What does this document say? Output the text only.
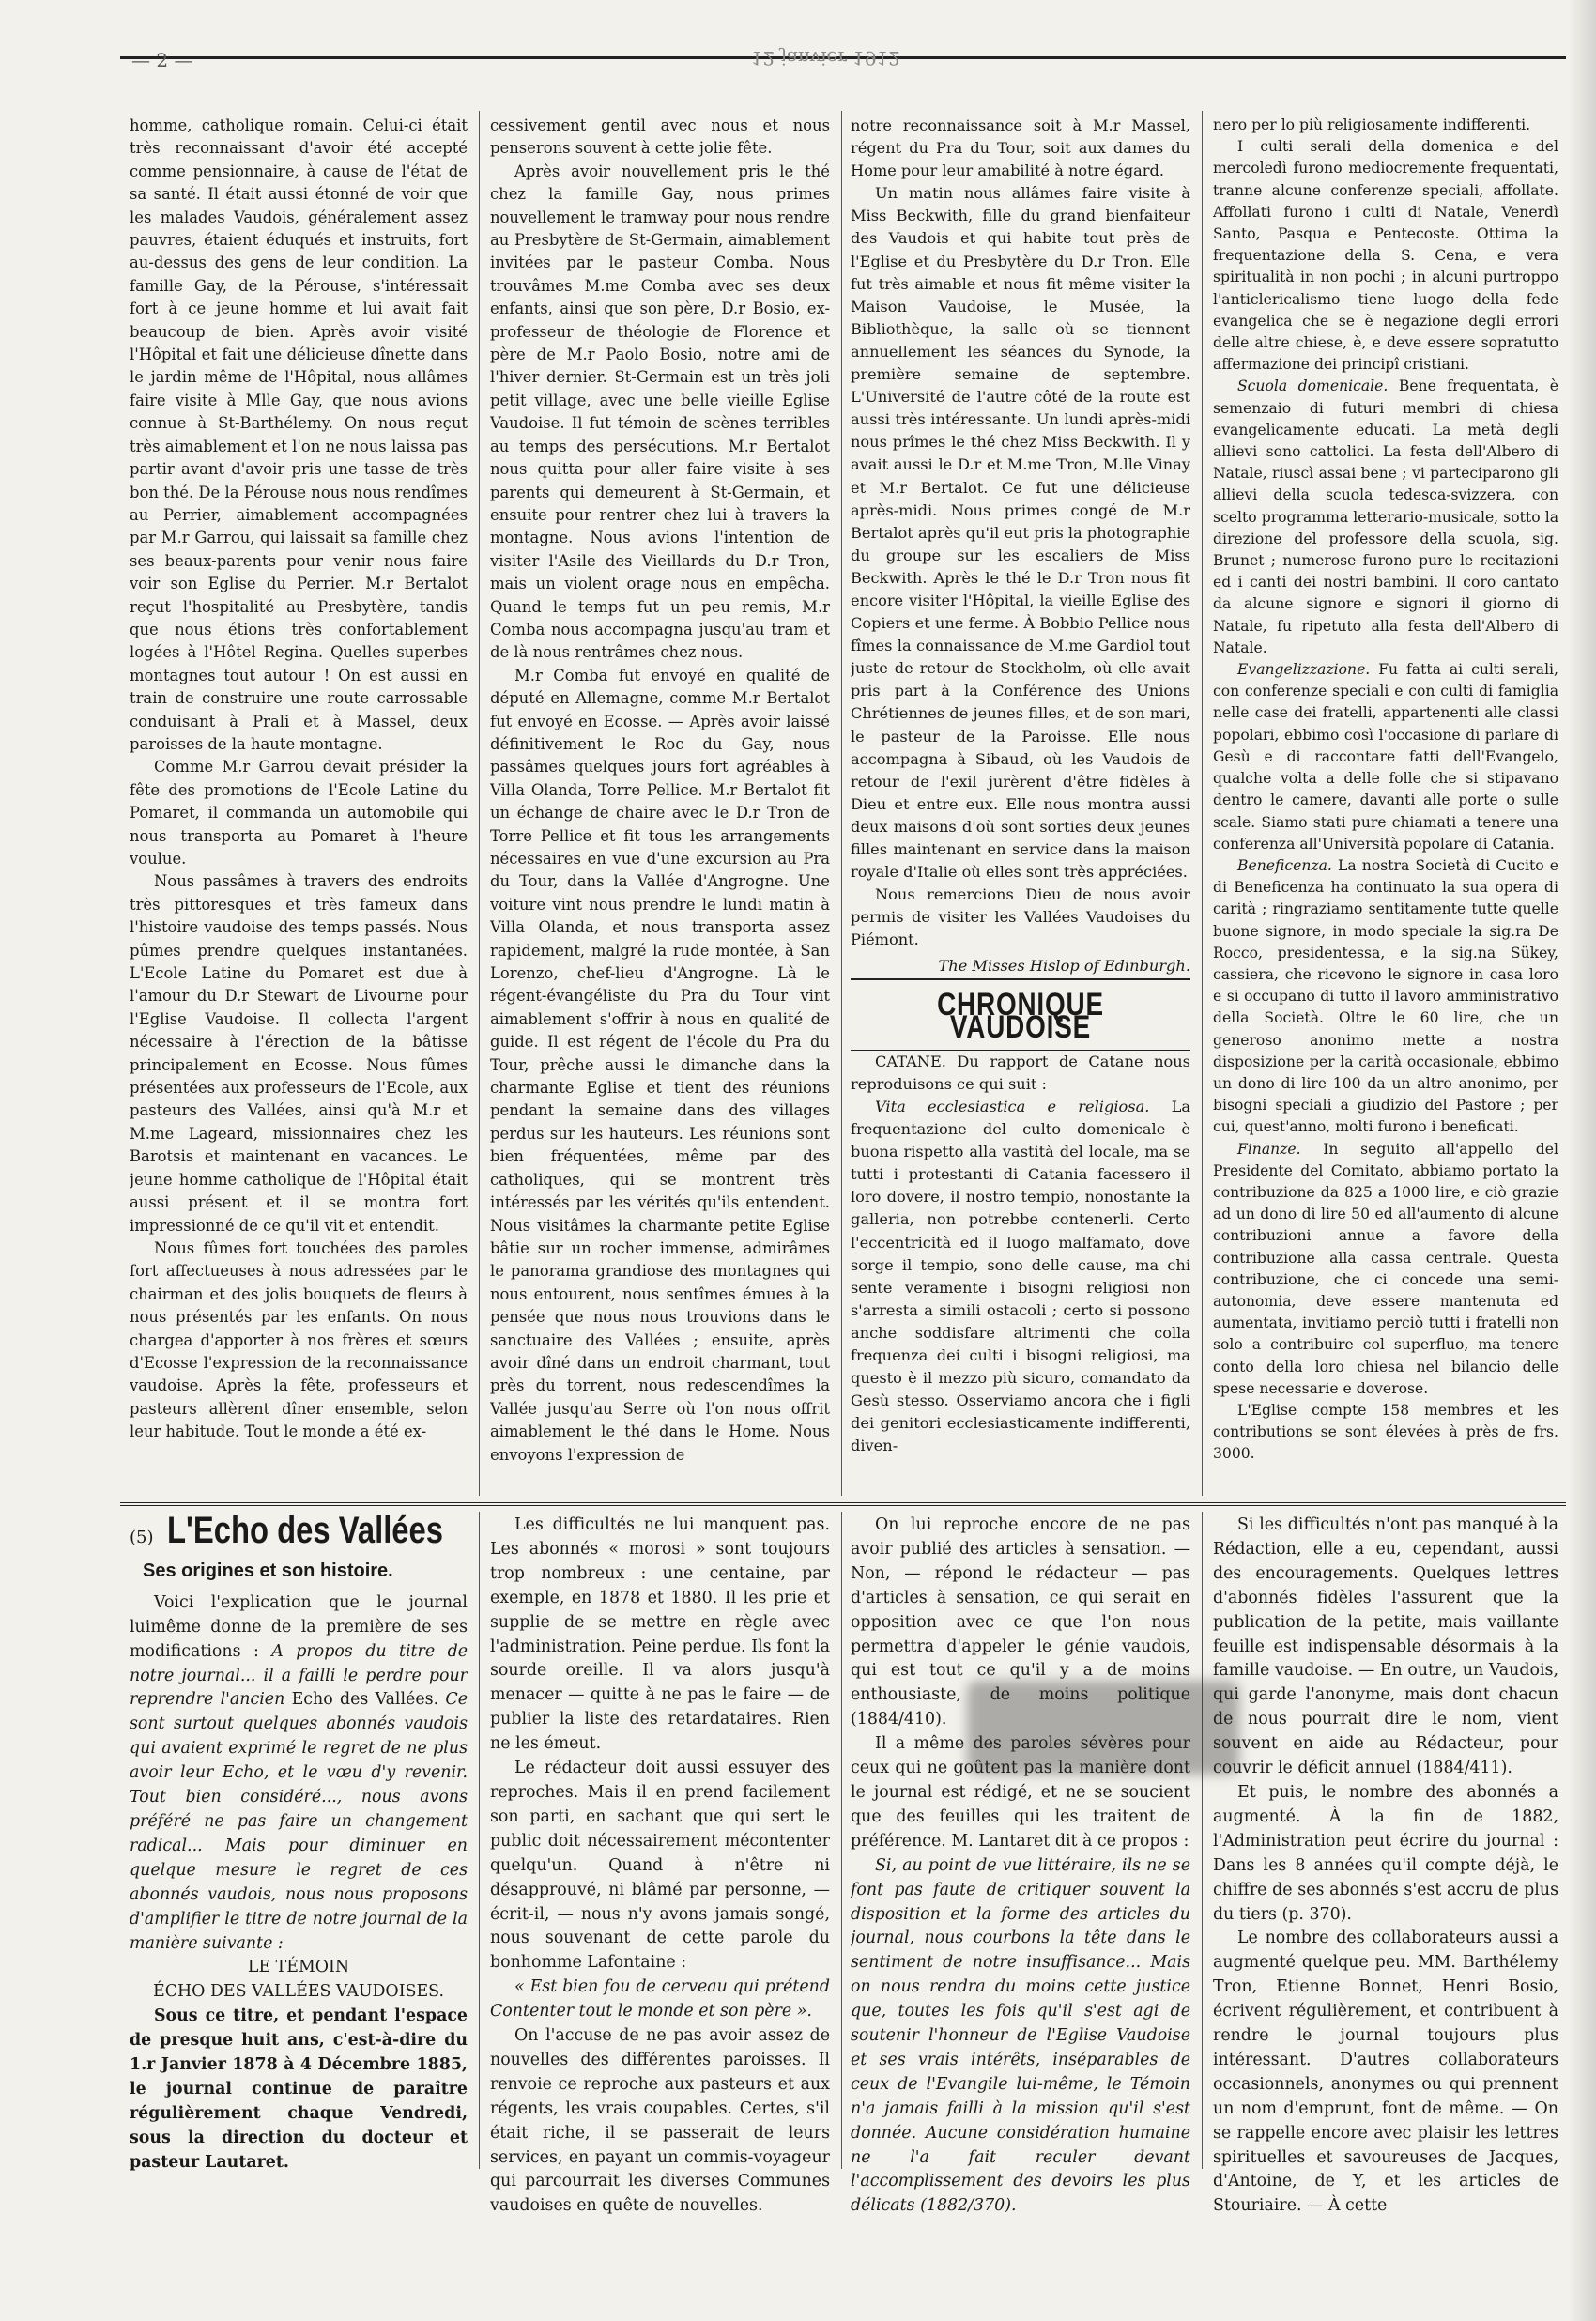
— 2 —	12 janvier 1912

homme, catholique romain. Celui-ci était très reconnaissant d'avoir été accepté comme pensionnaire, à cause de l'état de sa santé. Il était aussi étonné de voir que les malades Vaudois, généralement assez pauvres, étaient éduqués et instruits, fort au-dessus des gens de leur condition. La famille Gay, de la Pérouse, s'intéressait fort à ce jeune homme et lui avait fait beaucoup de bien. Après avoir visité l'Hôpital et fait une délicieuse dînette dans le jardin même de l'Hôpital, nous allâmes faire visite à Mlle Gay, que nous avions connue à St-Barthélemy. On nous reçut très aimablement et l'on ne nous laissa pas partir avant d'avoir pris une tasse de très bon thé. De la Pérouse nous nous rendîmes au Perrier, aimablement accompagnées par M.r Garrou, qui laissait sa famille chez ses beaux-parents pour venir nous faire voir son Eglise du Perrier. M.r Bertalot reçut l'hospitalité au Presbytère, tandis que nous étions très confortablement logées à l'Hôtel Regina. Quelles superbes montagnes tout autour ! On est aussi en train de construire une route carrossable conduisant à Prali et à Massel, deux paroisses de la haute montagne.

Comme M.r Garrou devait présider la fête des promotions de l'Ecole Latine du Pomaret, il commanda un automobile qui nous transporta au Pomaret à l'heure voulue.

Nous passâmes à travers des endroits très pittoresques et très fameux dans l'histoire vaudoise des temps passés. Nous pûmes prendre quelques instantanées. L'Ecole Latine du Pomaret est due à l'amour du D.r Stewart de Livourne pour l'Eglise Vaudoise. Il collecta l'argent nécessaire à l'érection de la bâtisse principalement en Ecosse. Nous fûmes présentées aux professeurs de l'Ecole, aux pasteurs des Vallées, ainsi qu'à M.r et M.me Lageard, missionnaires chez les Barotsis et maintenant en vacances. Le jeune homme catholique de l'Hôpital était aussi présent et il se montra fort impressionné de ce qu'il vit et entendit.

Nous fûmes fort touchées des paroles fort affectueuses à nous adressées par le chairman et des jolis bouquets de fleurs à nous présentés par les enfants. On nous chargea d'apporter à nos frères et sœurs d'Ecosse l'expression de la reconnaissance vaudoise. Après la fête, professeurs et pasteurs allèrent dîner ensemble, selon leur habitude. Tout le monde a été ex-

cessivement gentil avec nous et nous penserons souvent à cette jolie fête.

Après avoir nouvellement pris le thé chez la famille Gay, nous primes nouvellement le tramway pour nous rendre au Presbytère de St-Germain, aimablement invitées par le pasteur Comba. Nous trouvâmes M.me Comba avec ses deux enfants, ainsi que son père, D.r Bosio, ex-professeur de théologie de Florence et père de M.r Paolo Bosio, notre ami de l'hiver dernier. St-Germain est un très joli petit village, avec une belle vieille Eglise Vaudoise. Il fut témoin de scènes terribles au temps des persécutions. M.r Bertalot nous quitta pour aller faire visite à ses parents qui demeurent à St-Germain, et ensuite pour rentrer chez lui à travers la montagne. Nous avions l'intention de visiter l'Asile des Vieillards du D.r Tron, mais un violent orage nous en empêcha. Quand le temps fut un peu remis, M.r Comba nous accompagna jusqu'au tram et de là nous rentrâmes chez nous.

M.r Comba fut envoyé en qualité de député en Allemagne, comme M.r Bertalot fut envoyé en Ecosse. — Après avoir laissé définitivement le Roc du Gay, nous passâmes quelques jours fort agréables à Villa Olanda, Torre Pellice. M.r Bertalot fit un échange de chaire avec le D.r Tron de Torre Pellice et fit tous les arrangements nécessaires en vue d'une excursion au Pra du Tour, dans la Vallée d'Angrogne. Une voiture vint nous prendre le lundi matin à Villa Olanda, et nous transporta assez rapidement, malgré la rude montée, à San Lorenzo, chef-lieu d'Angrogne. Là le régent-évangéliste du Pra du Tour vint aimablement s'offrir à nous en qualité de guide. Il est régent de l'école du Pra du Tour, prêche aussi le dimanche dans la charmante Eglise et tient des réunions pendant la semaine dans des villages perdus sur les hauteurs. Les réunions sont bien fréquentées, même par des catholiques, qui se montrent très intéressés par les vérités qu'ils entendent. Nous visitâmes la charmante petite Eglise bâtie sur un rocher immense, admirâmes le panorama grandiose des montagnes qui nous entourent, nous sentîmes émues à la pensée que nous nous trouvions dans le sanctuaire des Vallées ; ensuite, après avoir dîné dans un endroit charmant, tout près du torrent, nous redescendîmes la Vallée jusqu'au Serre où l'on nous offrit aimablement le thé dans le Home. Nous envoyons l'expression de

notre reconnaissance soit à M.r Massel, régent du Pra du Tour, soit aux dames du Home pour leur amabilité à notre égard.

Un matin nous allâmes faire visite à Miss Beckwith, fille du grand bienfaiteur des Vaudois et qui habite tout près de l'Eglise et du Presbytère du D.r Tron. Elle fut très aimable et nous fit même visiter la Maison Vaudoise, le Musée, la Bibliothèque, la salle où se tiennent annuellement les séances du Synode, la première semaine de septembre. L'Université de l'autre côté de la route est aussi très intéressante. Un lundi après-midi nous prîmes le thé chez Miss Beckwith. Il y avait aussi le D.r et M.me Tron, M.lle Vinay et M.r Bertalot. Ce fut une délicieuse après-midi. Nous primes congé de M.r Bertalot après qu'il eut pris la photographie du groupe sur les escaliers de Miss Beckwith. Après le thé le D.r Tron nous fit encore visiter l'Hôpital, la vieille Eglise des Copiers et une ferme. À Bobbio Pellice nous fîmes la connaissance de M.me Gardiol tout juste de retour de Stockholm, où elle avait pris part à la Conférence des Unions Chrétiennes de jeunes filles, et de son mari, le pasteur de la Paroisse. Elle nous accompagna à Sibaud, où les Vaudois de retour de l'exil jurèrent d'être fidèles à Dieu et entre eux. Elle nous montra aussi deux maisons d'où sont sorties deux jeunes filles maintenant en service dans la maison royale d'Italie où elles sont très appréciées.

Nous remercions Dieu de nous avoir permis de visiter les Vallées Vaudoises du Piémont.

The Misses Hislop of Edinburgh.

CHRONIQUE VAUDOISE

CATANE. Du rapport de Catane nous reproduisons ce qui suit :

Vita ecclesiastica e religiosa. La frequentazione del culto domenicale è buona rispetto alla vastità del locale, ma se tutti i protestanti di Catania facessero il loro dovere, il nostro tempio, nonostante la galleria, non potrebbe contenerli. Certo l'eccentricità ed il luogo malfamato, dove sorge il tempio, sono delle cause, ma chi sente veramente i bisogni religiosi non s'arresta a simili ostacoli ; certo si possono anche soddisfare altrimenti che colla frequenza dei culti i bisogni religiosi, ma questo è il mezzo più sicuro, comandato da Gesù stesso. Osserviamo ancora che i figli dei genitori ecclesiasticamente indifferenti, diven-

nero per lo più religiosamente indifferenti.

I culti serali della domenica e del mercoledì furono mediocremente frequentati, tranne alcune conferenze speciali, affollate. Affollati furono i culti di Natale, Venerdì Santo, Pasqua e Pentecoste. Ottima la frequentazione della S. Cena, e vera spiritualità in non pochi ; in alcuni purtroppo l'anticlericalismo tiene luogo della fede evangelica che se è negazione degli errori delle altre chiese, è, e deve essere sopratutto affermazione dei principî cristiani.

Scuola domenicale. Bene frequentata, è semenzaio di futuri membri di chiesa evangelicamente educati. La metà degli allievi sono cattolici. La festa dell'Albero di Natale, riuscì assai bene ; vi parteciparono gli allievi della scuola tedesca-svizzera, con scelto programma letterario-musicale, sotto la direzione del professore della scuola, sig. Brunet ; numerose furono pure le recitazioni ed i canti dei nostri bambini. Il coro cantato da alcune signore e signori il giorno di Natale, fu ripetuto alla festa dell'Albero di Natale.

Evangelizzazione. Fu fatta ai culti serali, con conferenze speciali e con culti di famiglia nelle case dei fratelli, appartenenti alle classi popolari, ebbimo così l'occasione di parlare di Gesù e di raccontare fatti dell'Evangelo, qualche volta a delle folle che si stipavano dentro le camere, davanti alle porte o sulle scale. Siamo stati pure chiamati a tenere una conferenza all'Università popolare di Catania.

Beneficenza. La nostra Società di Cucito e di Beneficenza ha continuato la sua opera di carità ; ringraziamo sentitamente tutte quelle buone signore, in modo speciale la sig.ra De Rocco, presidentessa, e la sig.na Sükey, cassiera, che ricevono le signore in casa loro e si occupano di tutto il lavoro amministrativo della Società. Oltre le 60 lire, che un generoso anonimo mette a nostra disposizione per la carità occasionale, ebbimo un dono di lire 100 da un altro anonimo, per bisogni speciali a giudizio del Pastore ; per cui, quest'anno, molti furono i beneficati.

Finanze. In seguito all'appello del Presidente del Comitato, abbiamo portato la contribuzione da 825 a 1000 lire, e ciò grazie ad un dono di lire 50 ed all'aumento di alcune contribuzioni annue a favore della contribuzione alla cassa centrale. Questa contribuzione, che ci concede una semi-autonomia, deve essere mantenuta ed aumentata, invitiamo perciò tutti i fratelli non solo a contribuire col superfluo, ma tenere conto della loro chiesa nel bilancio delle spese necessarie e doverose.

L'Eglise compte 158 membres et les contributions se sont élevées à près de frs. 3000.

(5) L'Echo des Vallées
Ses origines et son histoire.

Voici l'explication que le journal luimême donne de la première de ses modifications : A propos du titre de notre journal... il a failli le perdre pour reprendre l'ancien Echo des Vallées. Ce sont surtout quelques abonnés vaudois qui avaient exprimé le regret de ne plus avoir leur Echo, et le vœu d'y revenir. Tout bien considéré..., nous avons préféré ne pas faire un changement radical... Mais pour diminuer en quelque mesure le regret de ces abonnés vaudois, nous nous proposons d'amplifier le titre de notre journal de la manière suivante :

LE TÉMOIN

ÉCHO DES VALLÉES VAUDOISES.

Sous ce titre, et pendant l'espace de presque huit ans, c'est-à-dire du 1.r Janvier 1878 à 4 Décembre 1885, le journal continue de paraître régulièrement chaque Vendredi, sous la direction du docteur et pasteur Lautaret.

Les difficultés ne lui manquent pas. Les abonnés « morosi » sont toujours trop nombreux : une centaine, par exemple, en 1878 et 1880. Il les prie et supplie de se mettre en règle avec l'administration. Peine perdue. Ils font la sourde oreille. Il va alors jusqu'à menacer — quitte à ne pas le faire — de publier la liste des retardataires. Rien ne les émeut.

Le rédacteur doit aussi essuyer des reproches. Mais il en prend facilement son parti, en sachant que qui sert le public doit nécessairement mécontenter quelqu'un. Quand à n'être ni désapprouvé, ni blâmé par personne, — écrit-il, — nous n'y avons jamais songé, nous souvenant de cette parole du bonhomme Lafontaine :

« Est bien fou de cerveau qui prétend Contenter tout le monde et son père ».

On l'accuse de ne pas avoir assez de nouvelles des différentes paroisses. Il renvoie ce reproche aux pasteurs et aux régents, les vrais coupables. Certes, s'il était riche, il se passerait de leurs services, en payant un commis-voyageur qui parcourrait les diverses Communes vaudoises en quête de nouvelles.

On lui reproche encore de ne pas avoir publié des articles à sensation. — Non, — répond le rédacteur — pas d'articles à sensation, ce qui serait en opposition avec ce que l'on nous permettra d'appeler le génie vaudois, qui est tout ce qu'il y a de moins enthousiaste, de moins politique (1884/410).

Il a même des paroles sévères pour ceux qui ne goûtent pas la manière dont le journal est rédigé, et ne se soucient que des feuilles qui les traitent de préférence. M. Lantaret dit à ce propos :

Si, au point de vue littéraire, ils ne se font pas faute de critiquer souvent la disposition et la forme des articles du journal, nous courbons la tête dans le sentiment de notre insuffisance... Mais on nous rendra du moins cette justice que, toutes les fois qu'il s'est agi de soutenir l'honneur de l'Eglise Vaudoise et ses vrais intérêts, inséparables de ceux de l'Evangile lui-même, le Témoin n'a jamais failli à la mission qu'il s'est donnée. Aucune considération humaine ne l'a fait reculer devant l'accomplissement des devoirs les plus délicats (1882/370).

Si les difficultés n'ont pas manqué à la Rédaction, elle a eu, cependant, aussi des encouragements. Quelques lettres d'abonnés fidèles l'assurent que la publication de la petite, mais vaillante feuille est indispensable désormais à la famille vaudoise. — En outre, un Vaudois, qui garde l'anonyme, mais dont chacun de nous pourrait dire le nom, vient souvent en aide au Rédacteur, pour couvrir le déficit annuel (1884/411).

Et puis, le nombre des abonnés a augmenté. À la fin de 1882, l'Administration peut écrire du journal : Dans les 8 années qu'il compte déjà, le chiffre de ses abonnés s'est accru de plus du tiers (p. 370).

Le nombre des collaborateurs aussi a augmenté quelque peu. MM. Barthélemy Tron, Etienne Bonnet, Henri Bosio, écrivent régulièrement, et contribuent à rendre le journal toujours plus intéressant. D'autres collaborateurs occasionnels, anonymes ou qui prennent un nom d'emprunt, font de même. — On se rappelle encore avec plaisir les lettres spirituelles et savoureuses de Jacques, d'Antoine, de Y, et les articles de Stouriaire. — À cette
